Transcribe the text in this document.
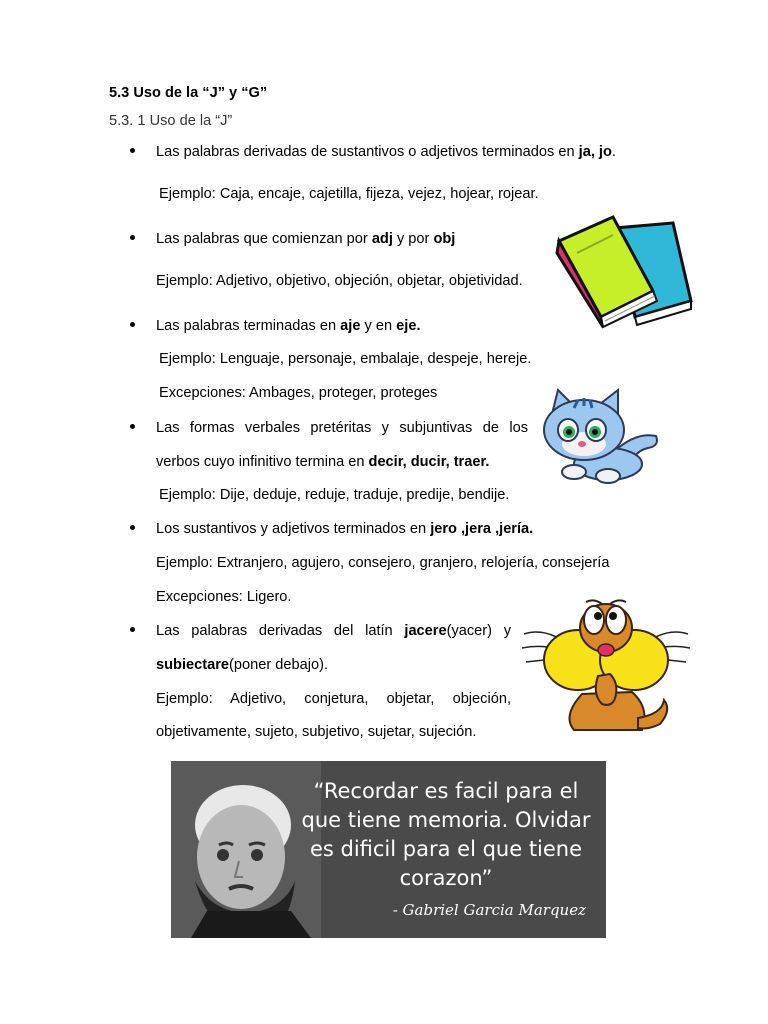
5.3 Uso de la “J” y “G”
5.3. 1 Uso de la “J”
Las palabras derivadas de sustantivos o adjetivos terminados en ja, jo.
Ejemplo: Caja, encaje, cajetilla, fijeza, vejez, hojear, rojear.
Las palabras que comienzan por adj y por obj
Ejemplo: Adjetivo, objetivo, objeción, objetar, objetividad.
Las palabras terminadas en aje y en eje.
Ejemplo: Lenguaje, personaje, embalaje, despeje, hereje.
Excepciones: Ambages, proteger, proteges
Las formas verbales pretéritas y subjuntivas de los
verbos cuyo infinitivo termina en decir, ducir, traer.
Ejemplo: Dije, deduje, reduje, traduje, predije, bendije.
Los sustantivos y adjetivos terminados en jero ,jera ,jería.
Ejemplo: Extranjero, agujero, consejero, granjero, relojería, consejería
Excepciones: Ligero.
Las palabras derivadas del latín jacere(yacer) y
subiectare(poner debajo).
Ejemplo: Adjetivo, conjetura, objetar, objeción,
objetivamente, sujeto, subjetivo, sujetar, sujeción.
“Recordar es facil para el que tiene memoria. Olvidar es dificil para el que tiene corazon”
- Gabriel Garcia Marquez
